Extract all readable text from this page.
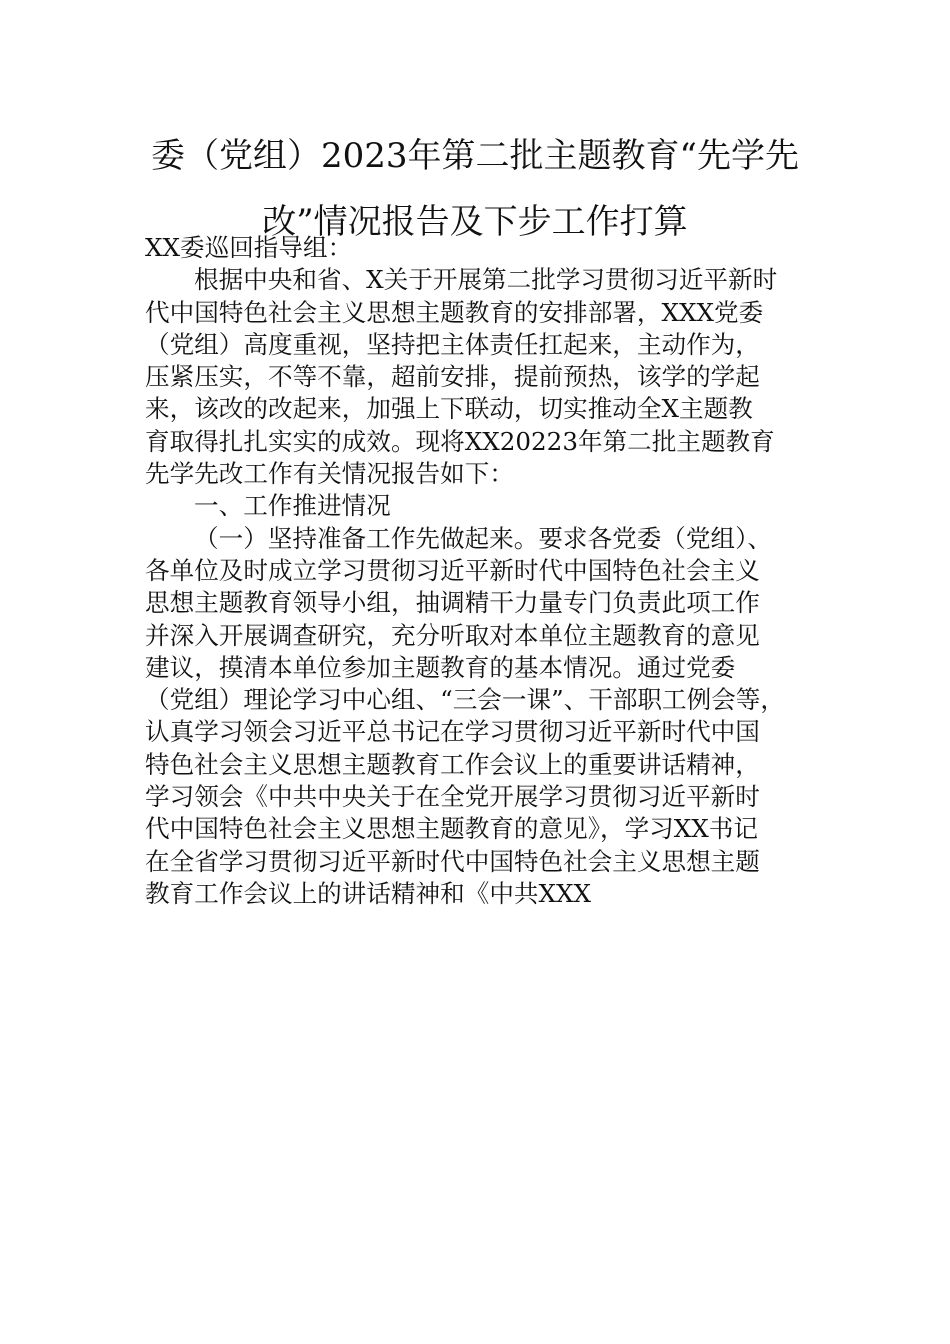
委（党组）2023年第二批主题教育“先学先
改”情况报告及下步工作打算
XX委巡回指导组：
根据中央和省、X关于开展第二批学习贯彻习近平新时
代中国特色社会主义思想主题教育的安排部署，XXX党委
（党组）高度重视，坚持把主体责任扛起来，主动作为，
压紧压实，不等不靠，超前安排，提前预热，该学的学起
来，该改的改起来，加强上下联动，切实推动全X主题教
育取得扎扎实实的成效。现将XX20223年第二批主题教育
先学先改工作有关情况报告如下：
一、工作推进情况
（一）坚持准备工作先做起来。要求各党委（党组）、
各单位及时成立学习贯彻习近平新时代中国特色社会主义
思想主题教育领导小组，抽调精干力量专门负责此项工作
并深入开展调查研究，充分听取对本单位主题教育的意见
建议，摸清本单位参加主题教育的基本情况。通过党委
（党组）理论学习中心组、“三会一课”、干部职工例会等，
认真学习领会习近平总书记在学习贯彻习近平新时代中国
特色社会主义思想主题教育工作会议上的重要讲话精神，
学习领会《中共中央关于在全党开展学习贯彻习近平新时
代中国特色社会主义思想主题教育的意见》，学习XX书记
在全省学习贯彻习近平新时代中国特色社会主义思想主题
教育工作会议上的讲话精神和《中共XXX
